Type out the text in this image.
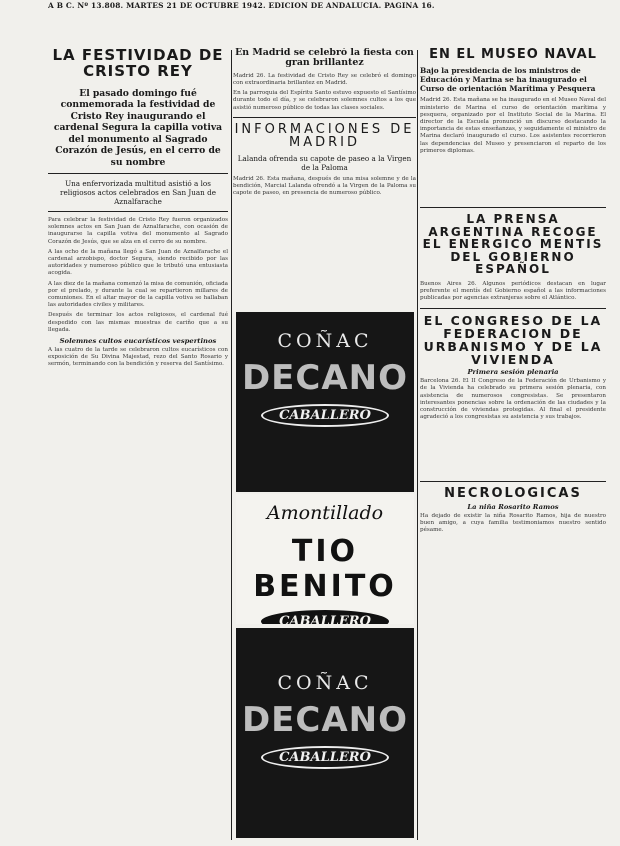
A B C. Nº 13.808. MARTES 21 DE OCTUBRE 1942. EDICION DE ANDALUCIA. PAGINA 16.
LA FESTIVIDAD DE CRISTO REY

El pasado domingo fué conmemorada la festividad de Cristo Rey inaugurando el cardenal Segura la capilla votiva del monumento al Sagrado Corazón de Jesús, en el cerro de su nombre

Una enfervorizada multitud asistió a los religiosos actos celebrados en San Juan de Aznalfarache

Para celebrar la festividad de Cristo Rey fueron organizados solemnes actos en San Juan de Aznalfarache, con ocasión de inaugurarse la capilla votiva del monumento al Sagrado Corazón de Jesús, que se alza en el cerro de su nombre.

A las ocho de la mañana llegó a San Juan de Aznalfarache el cardenal arzobispo, doctor Segura, siendo recibido por las autoridades y numeroso público que le tributó una entusiasta acogida.

A las diez de la mañana comenzó la misa de comunión, oficiada por el prelado, y durante la cual se repartieron millares de comuniones. En el altar mayor de la capilla votiva se hallaban las autoridades civiles y militares.

Después de terminar los actos religiosos, el cardenal fué despedido con las mismas muestras de cariño que a su llegada.

Solemnes cultos eucarísticos vespertinos

A las cuatro de la tarde se celebraron cultos eucarísticos con exposición de Su Divina Majestad, rezo del Santo Rosario y sermón, terminando con la bendición y reserva del Santísimo.

En Madrid se celebró la fiesta con gran brillantez

Madrid 26. La festividad de Cristo Rey se celebró el domingo con extraordinaria brillantez en Madrid.

En la parroquia del Espíritu Santo estuvo expuesto el Santísimo durante todo el día, y se celebraron solemnes cultos a los que asistió numeroso público de todas las clases sociales.

INFORMACIONES DE MADRID

Lalanda ofrenda su capote de paseo a la Virgen de la Paloma

Madrid 26. Esta mañana, después de una misa solemne y de la bendición, Marcial Lalanda ofrendó a la Virgen de la Paloma su capote de paseo, en presencia de numeroso público.

COÑAC
DECANO
CABALLERO
Amontillado
TIO BENITO
CABALLERO
COÑAC
DECANO
CABALLERO
EN EL MUSEO NAVAL

Bajo la presidencia de los ministros de Educación y Marina se ha inaugurado el Curso de orientación Marítima y Pesquera

Madrid 26. Esta mañana se ha inaugurado en el Museo Naval del ministerio de Marina el curso de orientación marítima y pesquera, organizado por el Instituto Social de la Marina. El director de la Escuela pronunció un discurso destacando la importancia de estas enseñanzas, y seguidamente el ministro de Marina declaró inaugurado el curso. Los asistentes recorrieron las dependencias del Museo y presenciaron el reparto de los primeros diplomas.

LA PRENSA ARGENTINA RECOGE EL ENERGICO MENTIS DEL GOBIERNO ESPAÑOL

Buenos Aires 26. Algunos periódicos destacan en lugar preferente el mentís del Gobierno español a las informaciones publicadas por agencias extranjeras sobre el Atlántico.

EL CONGRESO DE LA FEDERACION DE URBANISMO Y DE LA VIVIENDA

Primera sesión plenaria

Barcelona 26. El II Congreso de la Federación de Urbanismo y de la Vivienda ha celebrado su primera sesión plenaria, con asistencia de numerosos congresistas. Se presentaron interesantes ponencias sobre la ordenación de las ciudades y la construcción de viviendas protegidas. Al final el presidente agradeció a los congresistas su asistencia y sus trabajos.

NECROLOGICAS

La niña Rosarito Ramos

Ha dejado de existir la niña Rosarito Ramos, hija de nuestro buen amigo, a cuya familia testimoniamos nuestro sentido pésame.
